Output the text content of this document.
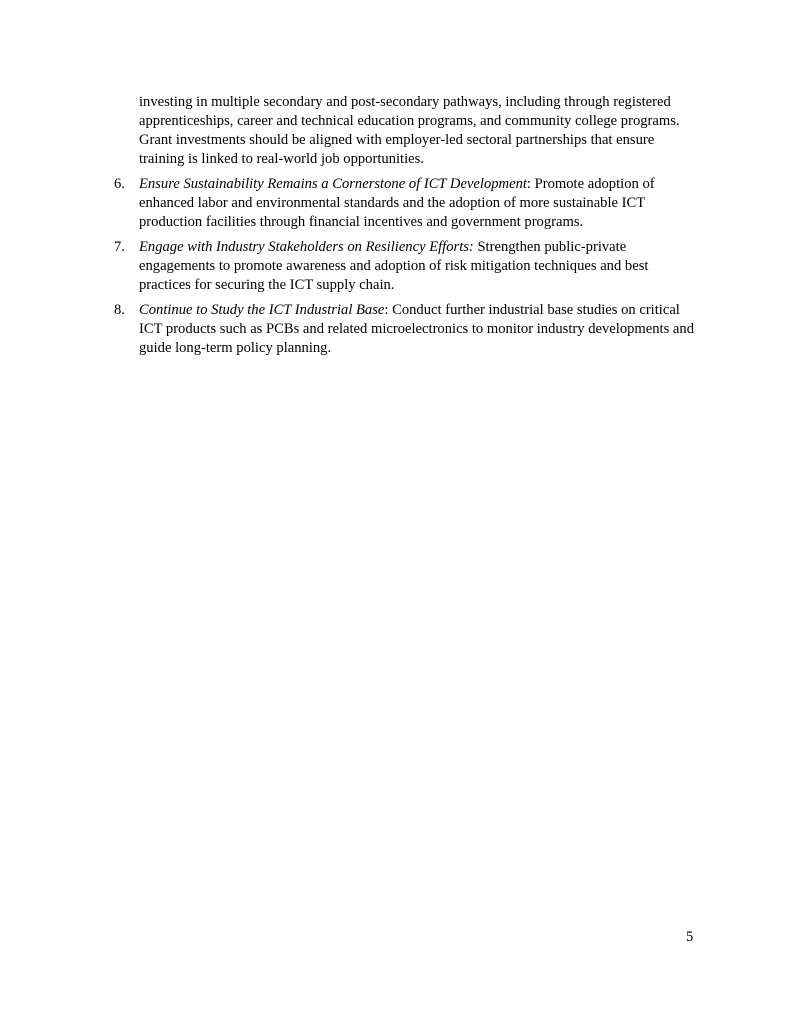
investing in multiple secondary and post-secondary pathways, including through registered apprenticeships, career and technical education programs, and community college programs. Grant investments should be aligned with employer-led sectoral partnerships that ensure training is linked to real-world job opportunities.

6. Ensure Sustainability Remains a Cornerstone of ICT Development: Promote adoption of enhanced labor and environmental standards and the adoption of more sustainable ICT production facilities through financial incentives and government programs.
7. Engage with Industry Stakeholders on Resiliency Efforts: Strengthen public-private engagements to promote awareness and adoption of risk mitigation techniques and best practices for securing the ICT supply chain.
8. Continue to Study the ICT Industrial Base: Conduct further industrial base studies on critical ICT products such as PCBs and related microelectronics to monitor industry developments and guide long-term policy planning.
5
